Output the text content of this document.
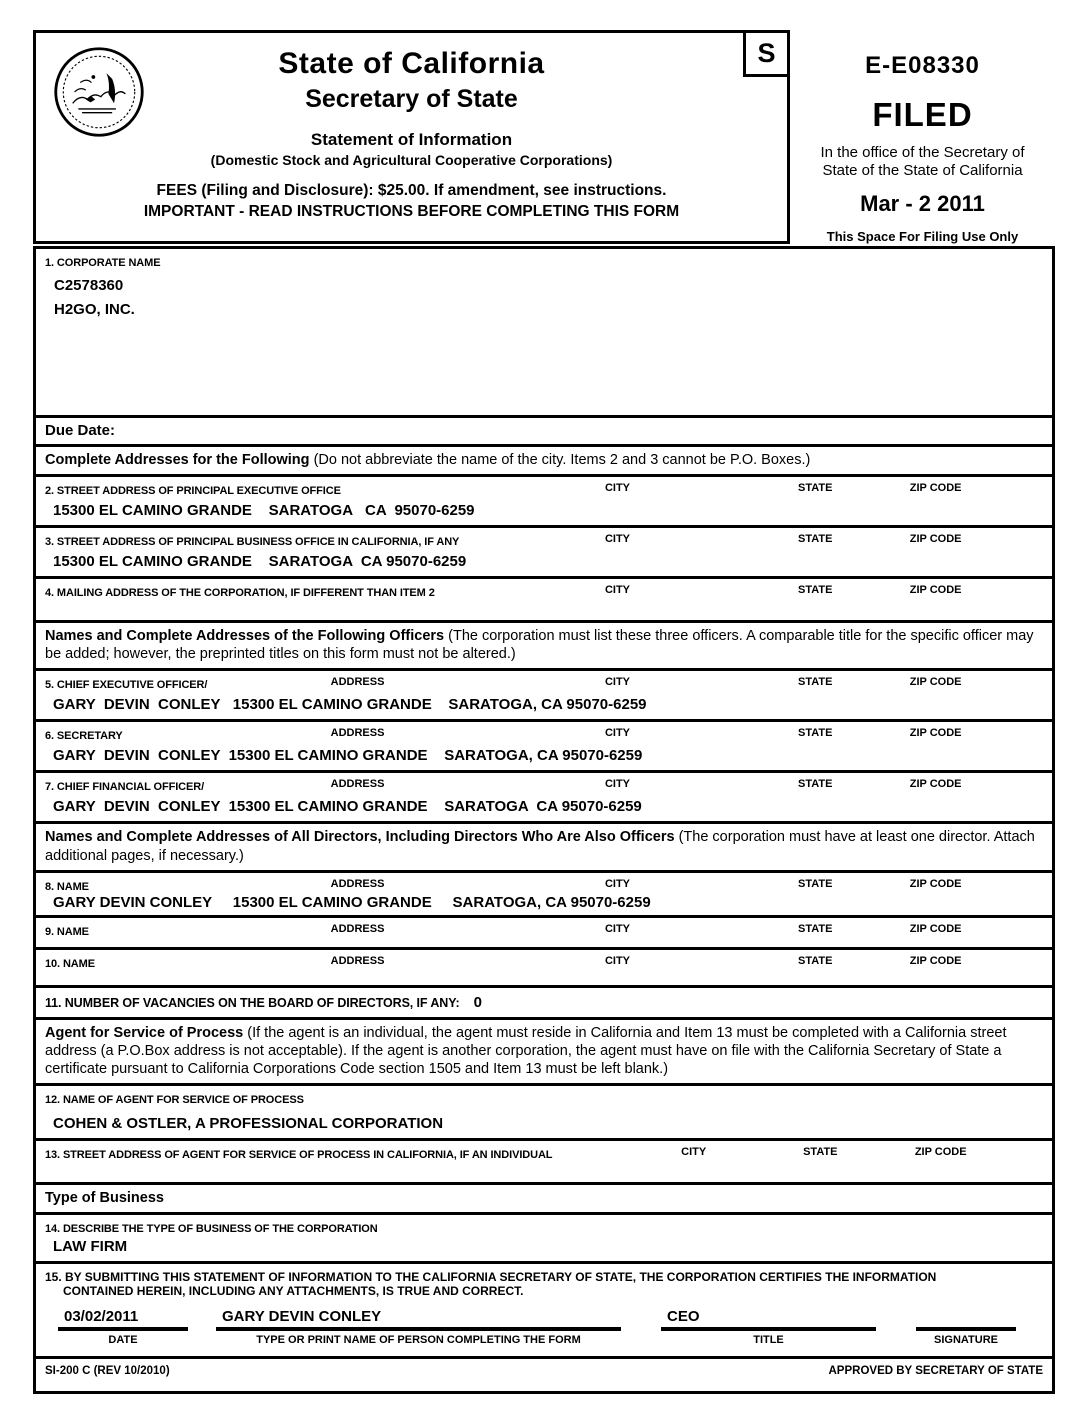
State of California
Secretary of State
Statement of Information
(Domestic Stock and Agricultural Cooperative Corporations)
FEES (Filing and Disclosure): $25.00. If amendment, see instructions.
IMPORTANT - READ INSTRUCTIONS BEFORE COMPLETING THIS FORM
S	E-E08330
FILED
In the office of the Secretary of
State of the State of California
Mar - 2 2011
This Space For Filing Use Only
1. CORPORATE NAME
C2578360
H2GO, INC.
Due Date:
Complete Addresses for the Following (Do not abbreviate the name of the city. Items 2 and 3 cannot be P.O. Boxes.)
2. STREET ADDRESS OF PRINCIPAL EXECUTIVE OFFICE	CITY	STATE	ZIP CODE
15300 EL CAMINO GRANDE    SARATOGA   CA  95070-6259
3. STREET ADDRESS OF PRINCIPAL BUSINESS OFFICE IN CALIFORNIA, IF ANY	CITY	STATE	ZIP CODE
15300 EL CAMINO GRANDE    SARATOGA  CA 95070-6259
4. MAILING ADDRESS OF THE CORPORATION, IF DIFFERENT THAN ITEM 2	CITY	STATE	ZIP CODE
Names and Complete Addresses of the Following Officers (The corporation must list these three officers. A comparable title for the specific officer may be added; however, the preprinted titles on this form must not be altered.)
5. CHIEF EXECUTIVE OFFICER/	ADDRESS	CITY	STATE	ZIP CODE
GARY  DEVIN  CONLEY   15300 EL CAMINO GRANDE    SARATOGA, CA 95070-6259
6. SECRETARY	ADDRESS	CITY	STATE	ZIP CODE
GARY  DEVIN  CONLEY  15300 EL CAMINO GRANDE    SARATOGA, CA 95070-6259
7. CHIEF FINANCIAL OFFICER/	ADDRESS	CITY	STATE	ZIP CODE
GARY  DEVIN  CONLEY  15300 EL CAMINO GRANDE    SARATOGA  CA 95070-6259
Names and Complete Addresses of All Directors, Including Directors Who Are Also Officers (The corporation must have at least one director. Attach additional pages, if necessary.)
8. NAME	ADDRESS	CITY	STATE	ZIP CODE
GARY DEVIN CONLEY     15300 EL CAMINO GRANDE     SARATOGA, CA 95070-6259
9. NAME	ADDRESS	CITY	STATE	ZIP CODE
10. NAME	ADDRESS	CITY	STATE	ZIP CODE
11. NUMBER OF VACANCIES ON THE BOARD OF DIRECTORS, IF ANY: 0
Agent for Service of Process (If the agent is an individual, the agent must reside in California and Item 13 must be completed with a California street address (a P.O.Box address is not acceptable). If the agent is another corporation, the agent must have on file with the California Secretary of State a certificate pursuant to California Corporations Code section 1505 and Item 13 must be left blank.)
12. NAME OF AGENT FOR SERVICE OF PROCESS
COHEN & OSTLER, A PROFESSIONAL CORPORATION
13. STREET ADDRESS OF AGENT FOR SERVICE OF PROCESS IN CALIFORNIA, IF AN INDIVIDUAL	CITY	STATE	ZIP CODE
Type of Business
14. DESCRIBE THE TYPE OF BUSINESS OF THE CORPORATION
LAW FIRM
15. BY SUBMITTING THIS STATEMENT OF INFORMATION TO THE CALIFORNIA SECRETARY OF STATE, THE CORPORATION CERTIFIES THE INFORMATION
CONTAINED HEREIN, INCLUDING ANY ATTACHMENTS, IS TRUE AND CORRECT.
03/02/2011
DATE
GARY DEVIN CONLEY
TYPE OR PRINT NAME OF PERSON COMPLETING THE FORM
CEO
TITLE	SIGNATURE
SI-200 C (REV 10/2010)	APPROVED BY SECRETARY OF STATE
